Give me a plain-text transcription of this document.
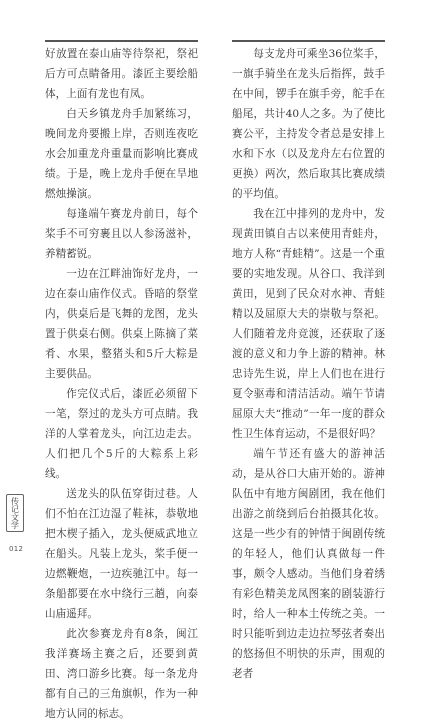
好放置在泰山庙等待祭祀，祭祀后方可点睛备用。漆匠主要绘船体，上面有龙也有凤。

白天乡镇龙舟手加紧练习，晚间龙舟要搬上岸，否则连夜吃水会加重龙舟重量而影响比赛成绩。于是，晚上龙舟手便在旱地燃烛操演。

每逢端午赛龙舟前日，每个桨手不可穷裹且以人参汤滋补，养精蓄锐。

一边在江畔油饰好龙舟，一边在泰山庙作仪式。昏暗的祭堂内，供桌后是飞舞的龙图，龙头置于供桌右侧。供桌上陈摘了菜肴、水果，整猪头和5斤大粽是主要供品。

作完仪式后，漆匠必须留下一笔，祭过的龙头方可点睛。我洋的人掌着龙头，向江边走去。人们把几个5斤的大粽系上彩线。

送龙头的队伍穿街过巷。人们不怕在江边湿了鞋袜，恭敬地把木楔子插入，龙头便威武地立在船头。凡装上龙头，桨手便一边燃鞭炮，一边疾驰江中。每一条船都要在水中绕行三趟，向泰山庙遥拜。

此次参赛龙舟有8条，闽江我洋赛场主赛之后，还要到黄田、湾口游乡比赛。每一条龙舟都有自己的三角旗帜，作为一种地方认同的标志。

每支龙舟可乘坐36位桨手，一旗手骑坐在龙头后指挥，鼓手在中间，锣手在旗手旁，舵手在船尾，共计40人之多。为了使比赛公平，主持发令者总是安排上水和下水（以及龙舟左右位置的更换）两次，然后取其比赛成绩的平均值。

我在江中排列的龙舟中，发现黄田镇自古以来使用青蛙舟，地方人称“青蛙精”。这是一个重要的实地发现。从谷口、我洋到黄田，见到了民众对水神、青蛙精以及屈原大夫的崇敬与祭祀。人们随着龙舟竞渡，还获取了逐渡的意义和力争上游的精神。林忠诗先生说，岸上人们也在进行夏令驱毒和清洁活动。端午节请屈原大夫“推动”一年一度的群众性卫生体育运动，不是很好吗？

端午节还有盛大的游神活动，是从谷口大庙开始的。游神队伍中有地方闽剧团，我在他们出游之前绕到后台拍摄其化妆。这是一些少有的钟情于闽剧传统的年轻人，他们认真做每一件事，颇令人感动。当他们身着绣有彩色精美龙凤图案的剧装游行时，给人一种本土传统之美。一时只能听到边走边拉琴弦者奏出的悠扬但不明快的乐声，围观的老者

传记文学
012
